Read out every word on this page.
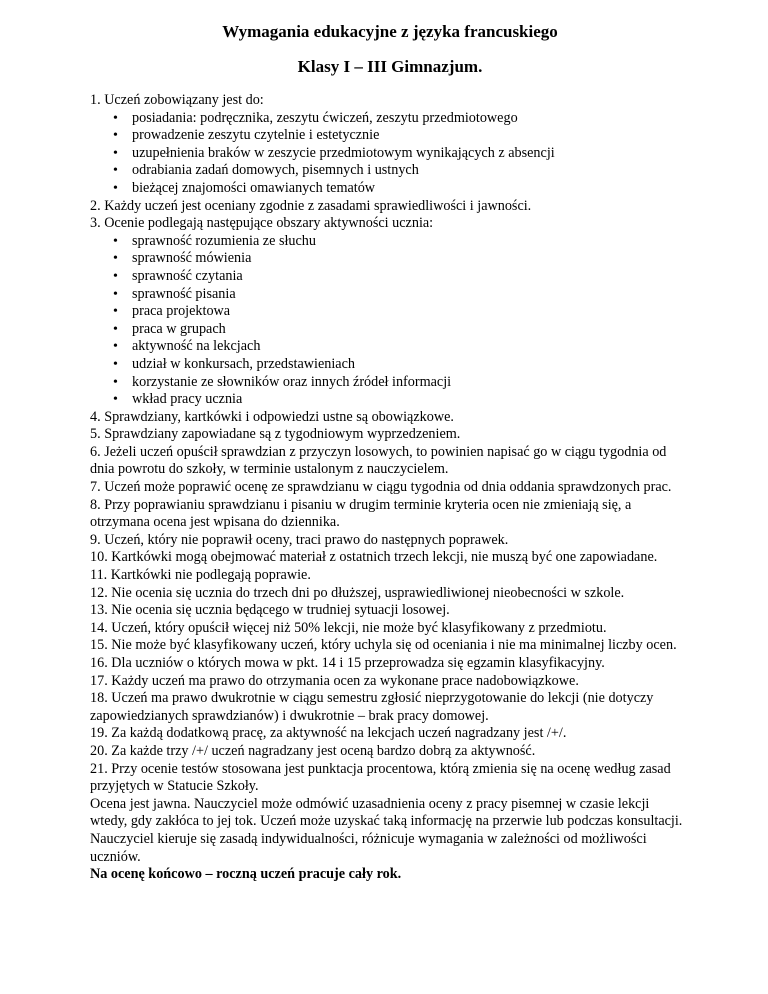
Wymagania edukacyjne z języka francuskiego
Klasy I – III Gimnazjum.
1. Uczeń zobowiązany jest do:
• posiadania: podręcznika, zeszytu ćwiczeń, zeszytu przedmiotowego
• prowadzenie zeszytu czytelnie i estetycznie
• uzupełnienia braków w zeszycie przedmiotowym wynikających z absencji
• odrabiania zadań domowych, pisemnych i ustnych
• bieżącej znajomości omawianych tematów
2. Każdy uczeń jest oceniany zgodnie z zasadami sprawiedliwości i jawności.
3. Ocenie podlegają następujące obszary aktywności ucznia:
• sprawność rozumienia ze słuchu
• sprawność mówienia
• sprawność czytania
• sprawność pisania
• praca projektowa
• praca w grupach
• aktywność na lekcjach
• udział w konkursach, przedstawieniach
• korzystanie ze słowników oraz innych źródeł informacji
• wkład pracy ucznia
4. Sprawdziany, kartkówki i odpowiedzi ustne są obowiązkowe.
5. Sprawdziany zapowiadane są z tygodniowym wyprzedzeniem.
6. Jeżeli uczeń opuścił sprawdzian z przyczyn losowych, to powinien napisać go w ciągu tygodnia od dnia powrotu do szkoły, w terminie ustalonym z nauczycielem.
7. Uczeń może poprawić ocenę ze sprawdzianu w ciągu tygodnia od dnia oddania sprawdzonych prac.
8. Przy poprawianiu sprawdzianu i pisaniu w drugim terminie kryteria ocen nie zmieniają się, a otrzymana ocena jest wpisana do dziennika.
9. Uczeń, który nie poprawił oceny, traci prawo do następnych poprawek.
10. Kartkówki mogą obejmować materiał z ostatnich trzech lekcji, nie muszą być one zapowiadane.
11. Kartkówki nie podlegają poprawie.
12. Nie ocenia się ucznia do trzech dni po dłuższej, usprawiedliwionej nieobecności w szkole.
13. Nie ocenia się ucznia będącego w trudniej sytuacji losowej.
14. Uczeń, który opuścił więcej niż 50% lekcji, nie może być klasyfikowany z przedmiotu.
15. Nie może być klasyfikowany uczeń, który uchyla się od oceniania i nie ma minimalnej liczby ocen.
16. Dla uczniów o których mowa w pkt. 14 i 15 przeprowadza się egzamin klasyfikacyjny.
17. Każdy uczeń ma prawo do otrzymania ocen za wykonane prace nadobowiązkowe.
18. Uczeń ma prawo dwukrotnie w ciągu semestru zgłosić nieprzygotowanie do lekcji (nie dotyczy zapowiedzianych sprawdzianów) i dwukrotnie – brak pracy domowej.
19. Za każdą dodatkową pracę, za aktywność na lekcjach uczeń nagradzany jest /+/.
20. Za każde trzy /+/ uczeń nagradzany jest oceną bardzo dobrą za aktywność.
21. Przy ocenie testów stosowana jest punktacja procentowa, którą zmienia się na ocenę według zasad przyjętych w Statucie Szkoły.
Ocena jest jawna. Nauczyciel może odmówić uzasadnienia oceny z pracy pisemnej w czasie lekcji wtedy, gdy zakłóca to jej tok. Uczeń może uzyskać taką informację na przerwie lub podczas konsultacji.
Nauczyciel kieruje się zasadą indywidualności, różnicuje wymagania w zależności od możliwości uczniów.
Na ocenę końcowo – roczną uczeń pracuje cały rok.
